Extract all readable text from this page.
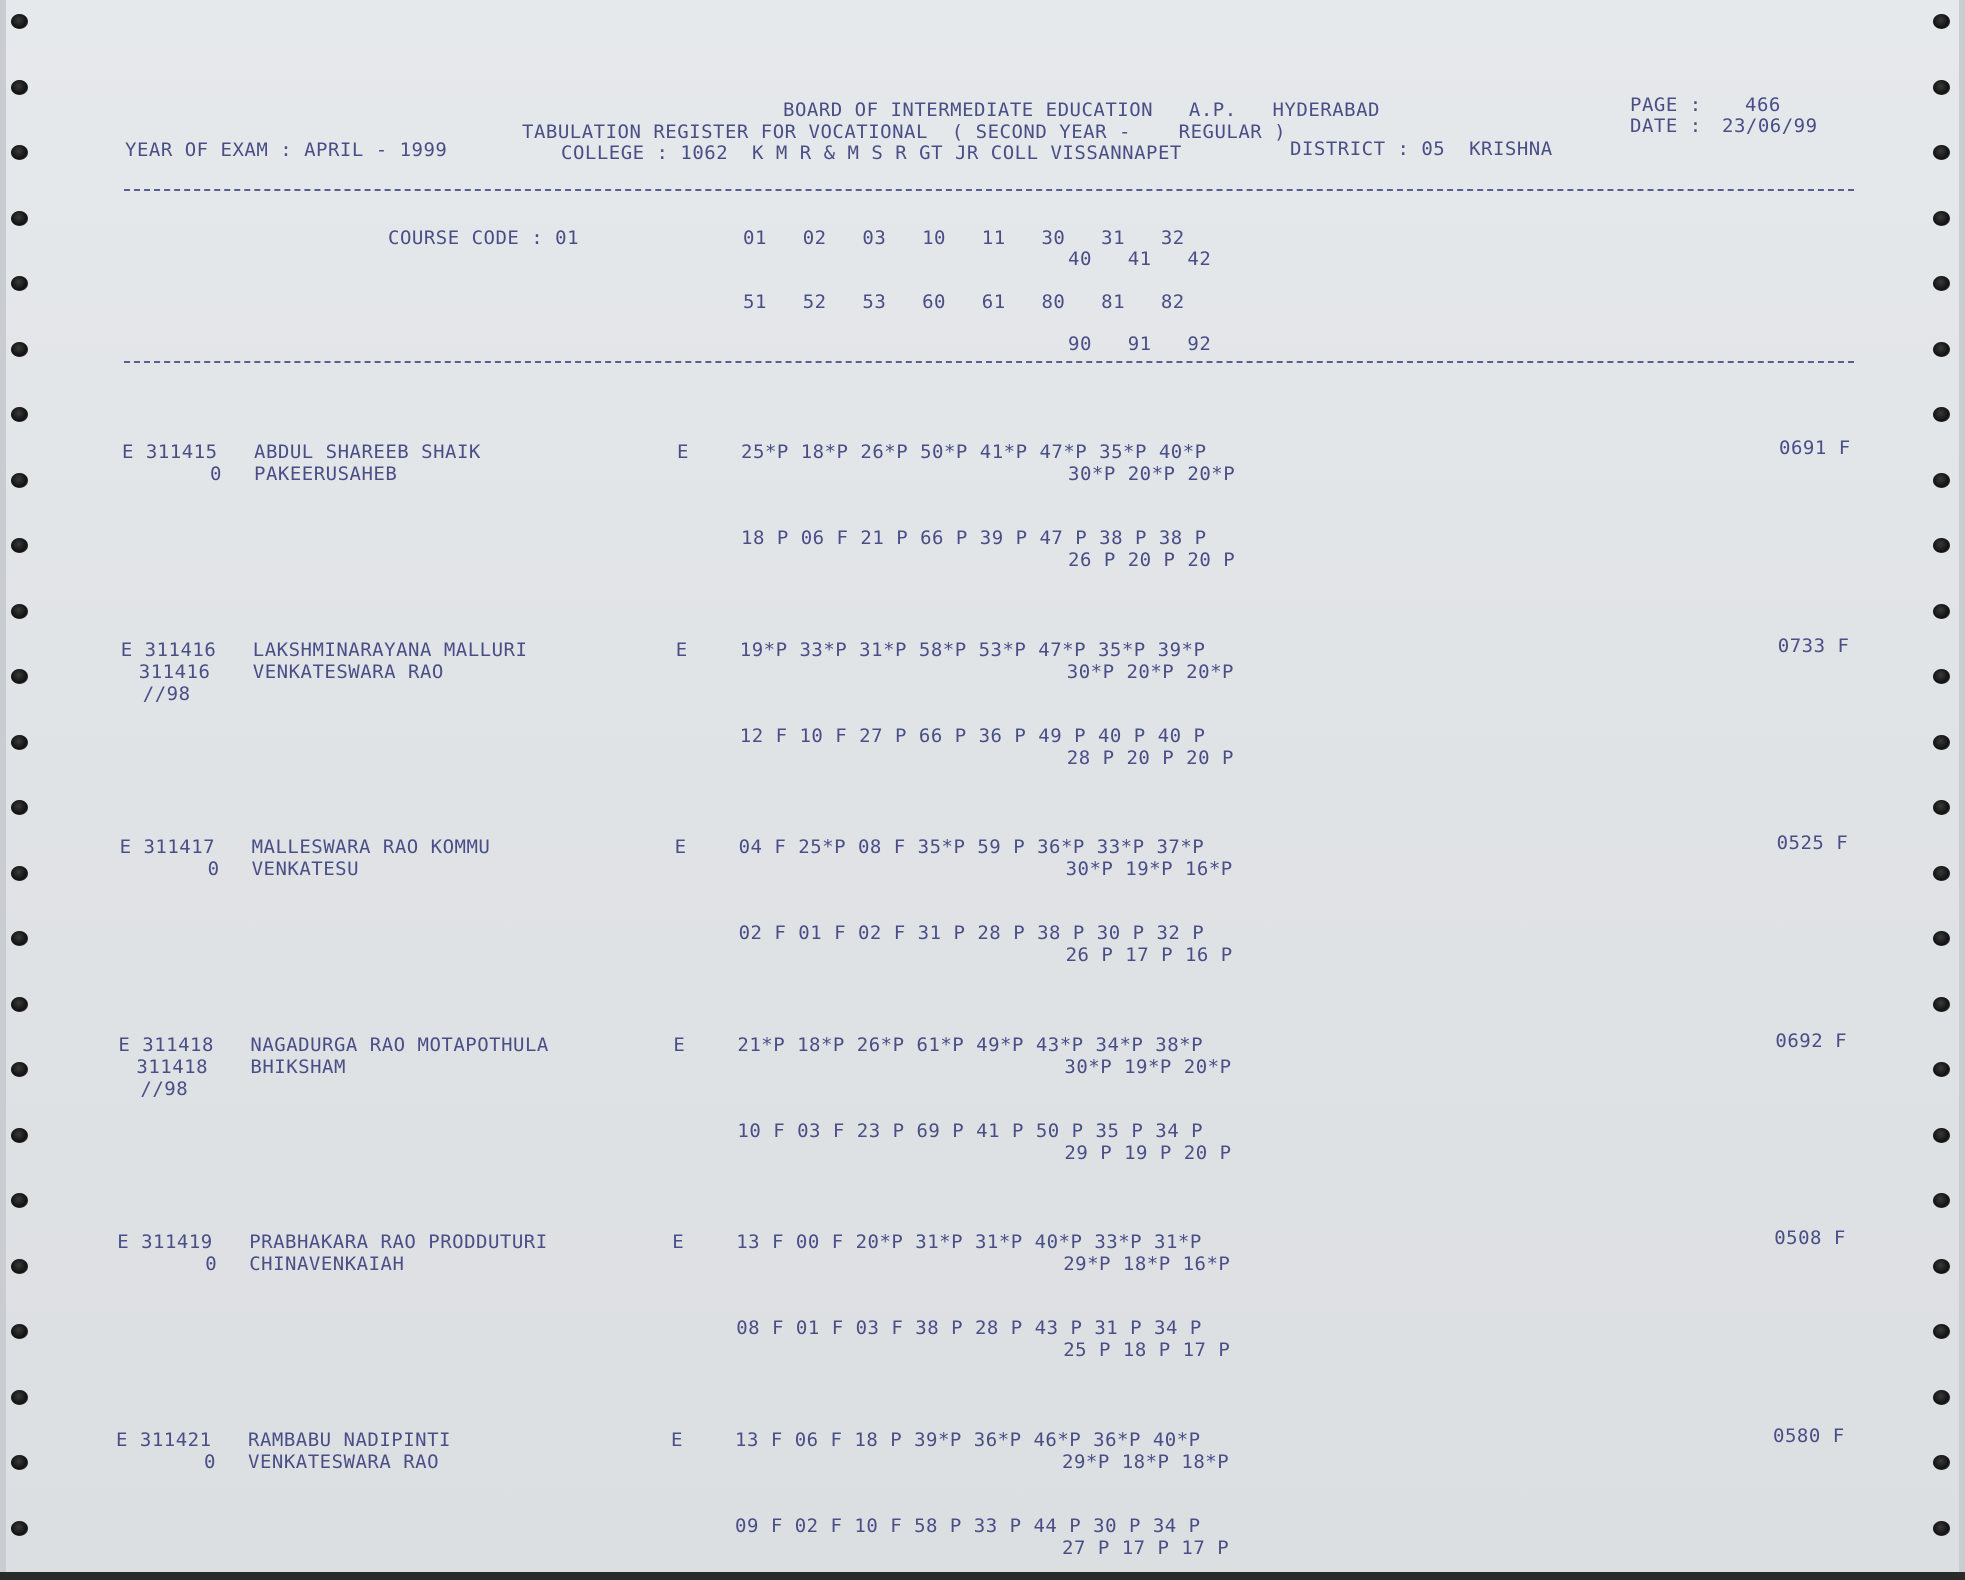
BOARD OF INTERMEDIATE EDUCATION   A.P.   HYDERABAD	PAGE : 466
TABULATION REGISTER FOR VOCATIONAL  ( SECOND YEAR -    REGULAR )	DATE : 23/06/99
YEAR OF EXAM : APRIL - 1999	COLLEGE : 1062  K M R & M S R GT JR COLL VISSANNAPET	DISTRICT : 05  KRISHNA
COURSE CODE : 01	01   02   03   10   11   30   31   32
40   41   42
51   52   53   60   61   80   81   82
90   91   92
E 311415 ABDUL SHAREEB SHAIK
0 PAKEERUSAHEB
E	25*P 18*P 26*P 50*P 41*P 47*P 35*P 40*P
30*P 20*P 20*P
18 P 06 F 21 P 66 P 39 P 47 P 38 P 38 P
26 P 20 P 20 P
0691 F
E 311416 LAKSHMINARAYANA MALLURI
311416 VENKATESWARA RAO
//98
E	19*P 33*P 31*P 58*P 53*P 47*P 35*P 39*P
30*P 20*P 20*P
12 F 10 F 27 P 66 P 36 P 49 P 40 P 40 P
28 P 20 P 20 P
0733 F
E 311417 MALLESWARA RAO KOMMU
0 VENKATESU
E	04 F 25*P 08 F 35*P 59 P 36*P 33*P 37*P
30*P 19*P 16*P
02 F 01 F 02 F 31 P 28 P 38 P 30 P 32 P
26 P 17 P 16 P
0525 F
E 311418 NAGADURGA RAO MOTAPOTHULA
311418 BHIKSHAM
//98
E	21*P 18*P 26*P 61*P 49*P 43*P 34*P 38*P
30*P 19*P 20*P
10 F 03 F 23 P 69 P 41 P 50 P 35 P 34 P
29 P 19 P 20 P
0692 F
E 311419 PRABHAKARA RAO PRODDUTURI
0 CHINAVENKAIAH
E	13 F 00 F 20*P 31*P 31*P 40*P 33*P 31*P
29*P 18*P 16*P
08 F 01 F 03 F 38 P 28 P 43 P 31 P 34 P
25 P 18 P 17 P
0508 F
E 311421 RAMBABU NADIPINTI
0 VENKATESWARA RAO
E	13 F 06 F 18 P 39*P 36*P 46*P 36*P 40*P
29*P 18*P 18*P
09 F 02 F 10 F 58 P 33 P 44 P 30 P 34 P
27 P 17 P 17 P
0580 F
